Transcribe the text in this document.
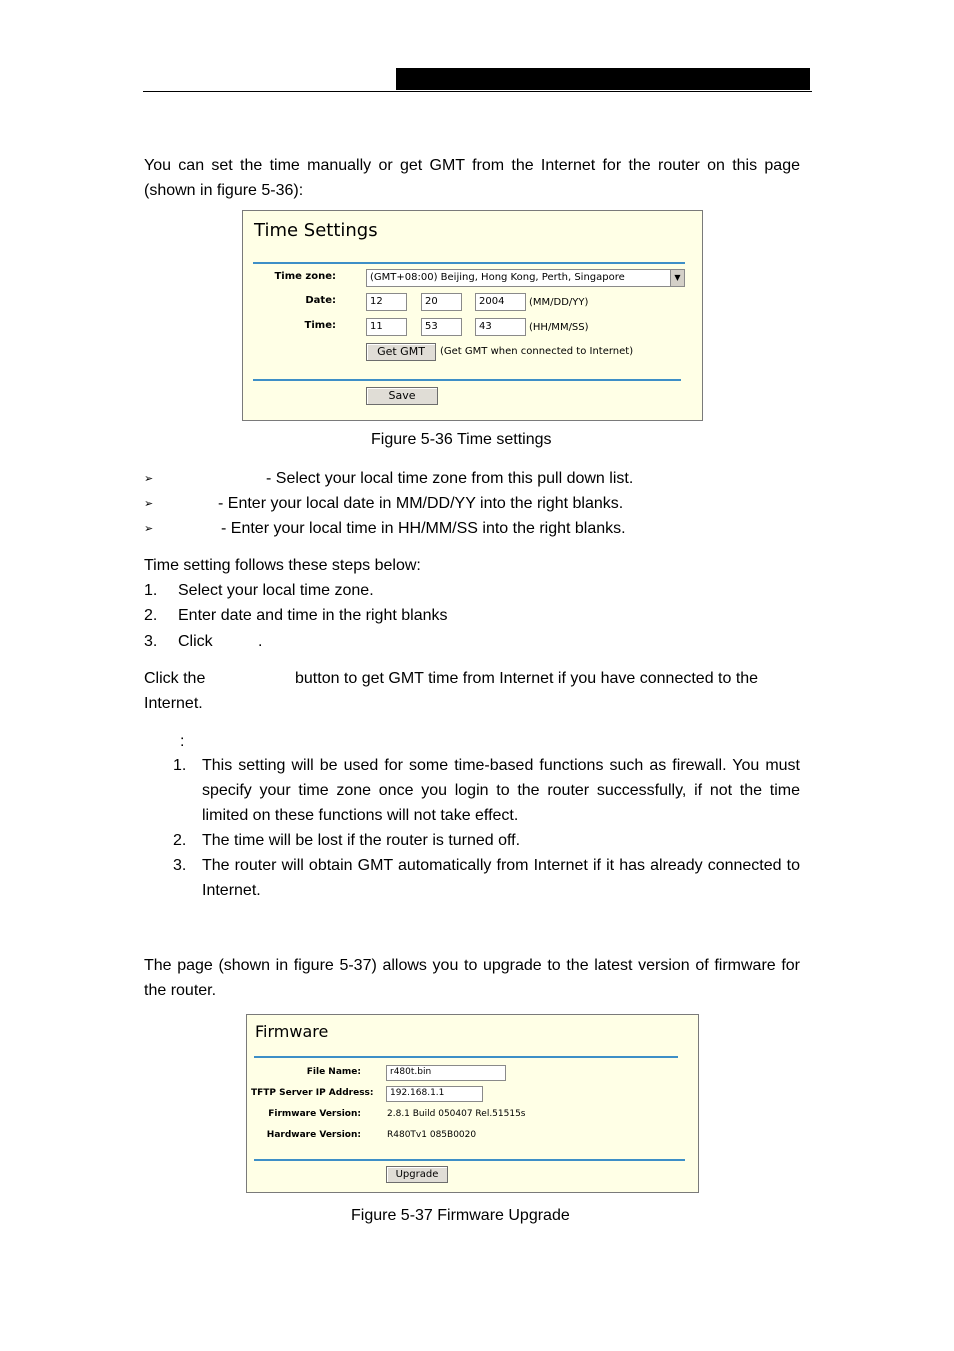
You can set the time manually or get GMT from the Internet for the router on this page (shown in figure 5-36):
Time Settings
Time zone:	(GMT+08:00) Beijing, Hong Kong, Perth, Singapore	▼
Date:	12	20	2004	(MM/DD/YY)
Time:	11	53	43	(HH/MM/SS)
Get GMT	(Get GMT when connected to Internet)
Save
Figure 5-36 Time settings
➢	- Select your local time zone from this pull down list.
➢	- Enter your local date in MM/DD/YY into the right blanks.
➢	- Enter your local time in HH/MM/SS into the right blanks.
Time setting follows these steps below:
1. Select your local time zone.
2. Enter date and time in the right blanks
3. Click	.
Click the	button to get GMT time from Internet if you have connected to the
Internet.
:
1. This setting will be used for some time-based functions such as firewall. You must specify your time zone once you login to the router successfully, if not the time limited on these functions will not take effect.
2. The time will be lost if the router is turned off.
3. The router will obtain GMT automatically from Internet if it has already connected to Internet.
The page (shown in figure 5-37) allows you to upgrade to the latest version of firmware for the router.
Firmware
File Name:	r480t.bin
TFTP Server IP Address:	192.168.1.1
Firmware Version:	2.8.1 Build 050407 Rel.51515s
Hardware Version:	R480Tv1 085B0020
Upgrade
Figure 5-37 Firmware Upgrade
